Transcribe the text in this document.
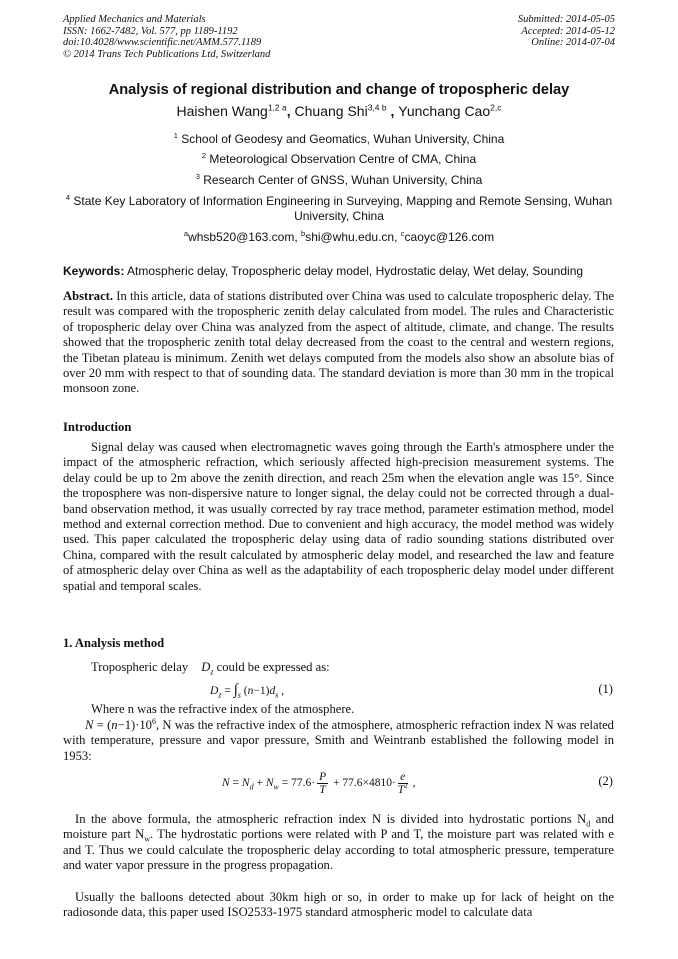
Applied Mechanics and Materials
ISSN: 1662-7482, Vol. 577, pp 1189-1192
doi:10.4028/www.scientific.net/AMM.577.1189
© 2014 Trans Tech Publications Ltd, Switzerland
Submitted: 2014-05-05
Accepted: 2014-05-12
Online: 2014-07-04
Analysis of regional distribution and change of tropospheric delay
Haishen Wang$^{1,2 a}$, Chuang Shi$^{3,4 b}$ , Yunchang Cao$^{2,c}$
$^1$ School of Geodesy and Geomatics, Wuhan University, China
$^2$ Meteorological Observation Centre of CMA, China
$^3$ Research Center of GNSS, Wuhan University, China
$^4$ State Key Laboratory of Information Engineering in Surveying, Mapping and Remote Sensing, Wuhan University, China
$^a$whsb520@163.com, $^b$shi@whu.edu.cn, $^c$caoyc@126.com
Keywords: Atmospheric delay, Tropospheric delay model, Hydrostatic delay, Wet delay, Sounding
Abstract. In this article, data of stations distributed over China was used to calculate tropospheric delay. The result was compared with the tropospheric zenith delay calculated from model. The rules and Characteristic of tropospheric delay over China was analyzed from the aspect of altitude, climate, and change. The results showed that the tropospheric zenith total delay decreased from the coast to the central and western regions, the Tibetan plateau is minimum. Zenith wet delays computed from the models also show an absolute bias of over 20 mm with respect to that of sounding data. The standard deviation is more than 30 mm in the tropical monsoon zone.
Introduction
Signal delay was caused when electromagnetic waves going through the Earth's atmosphere under the impact of the atmospheric refraction, which seriously affected high-precision measurement systems. The delay could be up to 2m above the zenith direction, and reach 25m when the elevation angle was 15°. Since the troposphere was non-dispersive nature to longer signal, the delay could not be corrected through a dual-band observation method, it was usually corrected by ray trace method, parameter estimation method, model method and external correction method. Due to convenient and high accuracy, the model method was widely used. This paper calculated the tropospheric delay using data of radio sounding stations distributed over China, compared with the result calculated by atmospheric delay model, and researched the law and feature of atmospheric delay over China as well as the adaptability of each tropospheric delay model under different spatial and temporal scales.
1. Analysis method
Tropospheric delay $D_z$ could be expressed as:
$D_z = \int_s$ $(n-1)d_s$ ,	(1)
Where n was the refractive index of the atmosphere.
$N = (n-1)\cdot 10^6$, N was the refractive index of the atmosphere, atmospheric refraction index N was related with temperature, pressure and vapor pressure, Smith and Weintranb established the following model in 1953:
$N = N_d + N_w = 77.6\cdot \frac{P}{T} + 77.6\times 4810\cdot \frac{e}{T^2}$ ,	(2)
In the above formula, the atmospheric refraction index N is divided into hydrostatic portions $N_d$ and moisture part $N_w$. The hydrostatic portions were related with P and T, the moisture part was related with e and T. Thus we could calculate the tropospheric delay according to total atmospheric pressure, temperature and water vapor pressure in the progress propagation.
Usually the balloons detected about 30km high or so, in order to make up for lack of height on the radiosonde data, this paper used ISO2533-1975 standard atmospheric model to calculate data
